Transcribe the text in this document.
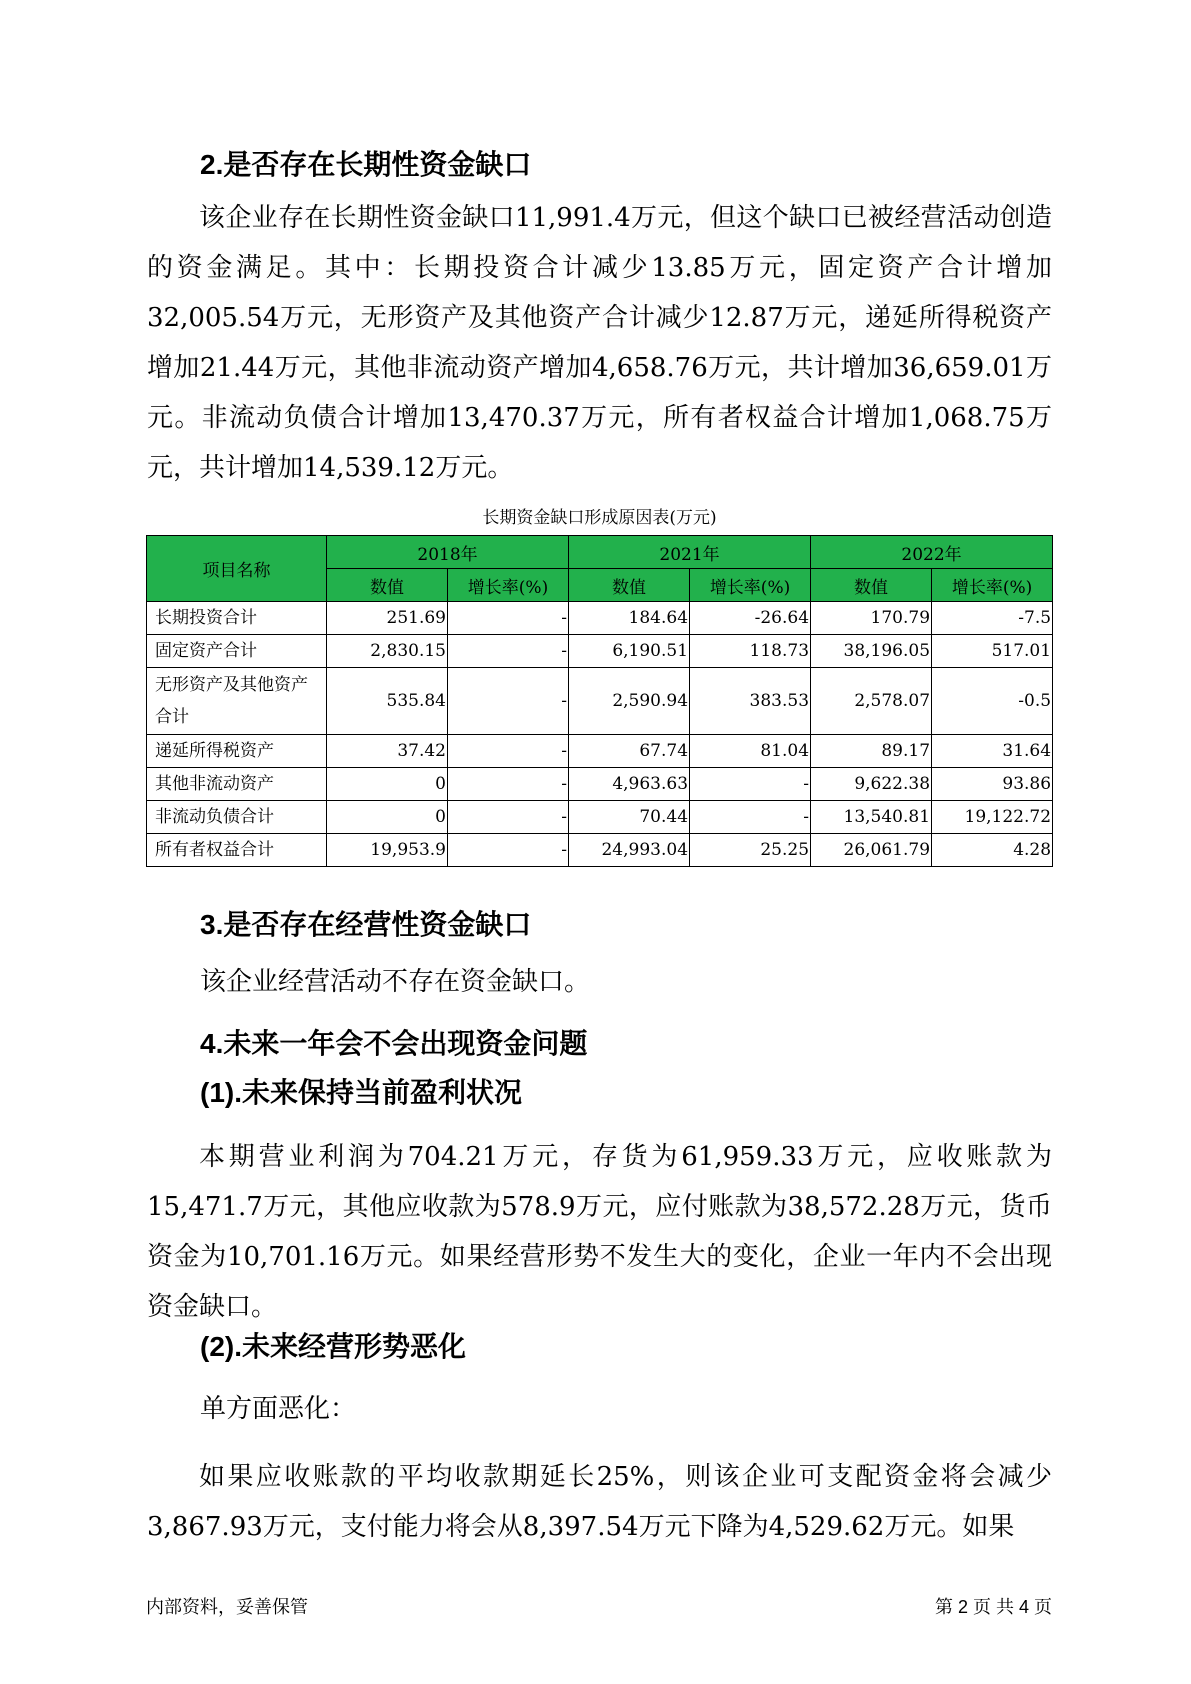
2.是否存在长期性资金缺口

该企业存在长期性资金缺口11,991.4万元，但这个缺口已被经营活动创造的资金满足。其中：长期投资合计减少13.85万元，固定资产合计增加32,005.54万元，无形资产及其他资产合计减少12.87万元，递延所得税资产增加21.44万元，其他非流动资产增加4,658.76万元，共计增加36,659.01万元。非流动负债合计增加13,470.37万元，所有者权益合计增加1,068.75万元，共计增加14,539.12万元。

长期资金缺口形成原因表(万元)
项目名称	2018年		2021年		2022年	
	数值	增长率(%)	数值	增长率(%)	数值	增长率(%)
长期投资合计	251.69	-	184.64	-26.64	170.79	-7.5
固定资产合计	2,830.15	-	6,190.51	118.73	38,196.05	517.01
无形资产及其他资产合计	535.84	-	2,590.94	383.53	2,578.07	-0.5
递延所得税资产	37.42	-	67.74	81.04	89.17	31.64
其他非流动资产	0	-	4,963.63	-	9,622.38	93.86
非流动负债合计	0	-	70.44	-	13,540.81	19,122.72
所有者权益合计	19,953.9	-	24,993.04	25.25	26,061.79	4.28
3.是否存在经营性资金缺口

该企业经营活动不存在资金缺口。

4.未来一年会不会出现资金问题
(1).未来保持当前盈利状况

本期营业利润为704.21万元，存货为61,959.33万元，应收账款为15,471.7万元，其他应收款为578.9万元，应付账款为38,572.28万元，货币资金为10,701.16万元。如果经营形势不发生大的变化，企业一年内不会出现资金缺口。

(2).未来经营形势恶化

单方面恶化：

如果应收账款的平均收款期延长25%，则该企业可支配资金将会减少3,867.93万元，支付能力将会从8,397.54万元下降为4,529.62万元。如果

内部资料，妥善保管	第 2 页 共 4 页
